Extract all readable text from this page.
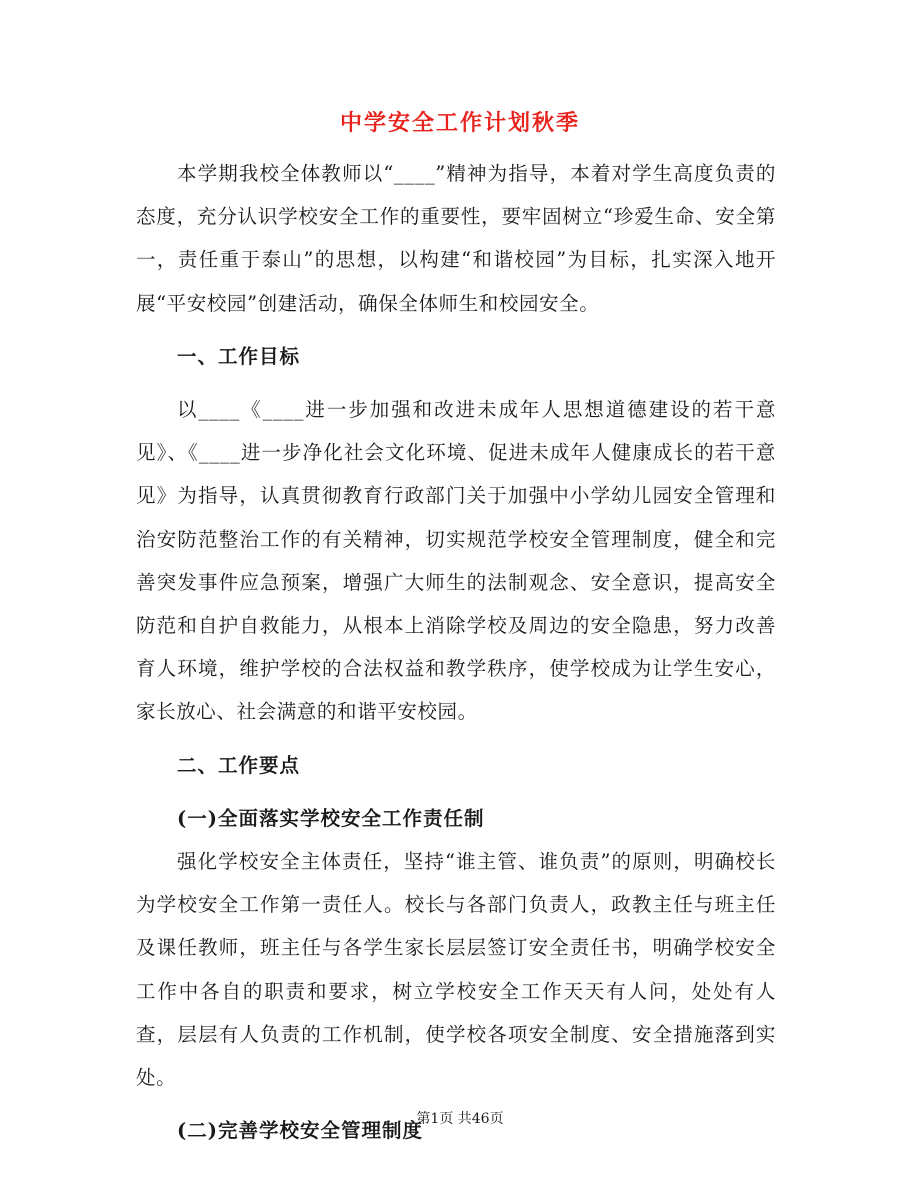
中学安全工作计划秋季

本学期我校全体教师以“____”精神为指导，本着对学生高度负责的态度，充分认识学校安全工作的重要性，要牢固树立“珍爱生命、安全第一，责任重于泰山”的思想，以构建“和谐校园”为目标，扎实深入地开展“平安校园”创建活动，确保全体师生和校园安全。

一、工作目标

以____《____进一步加强和改进未成年人思想道德建设的若干意见》、《____进一步净化社会文化环境、促进未成年人健康成长的若干意见》为指导，认真贯彻教育行政部门关于加强中小学幼儿园安全管理和治安防范整治工作的有关精神，切实规范学校安全管理制度，健全和完善突发事件应急预案，增强广大师生的法制观念、安全意识，提高安全防范和自护自救能力，从根本上消除学校及周边的安全隐患，努力改善育人环境，维护学校的合法权益和教学秩序，使学校成为让学生安心，家长放心、社会满意的和谐平安校园。

二、工作要点

(一)全面落实学校安全工作责任制

强化学校安全主体责任，坚持“谁主管、谁负责”的原则，明确校长为学校安全工作第一责任人。校长与各部门负责人，政教主任与班主任及课任教师，班主任与各学生家长层层签订安全责任书，明确学校安全工作中各自的职责和要求，树立学校安全工作天天有人问，处处有人查，层层有人负责的工作机制，使学校各项安全制度、安全措施落到实处。

(二)完善学校安全管理制度

第1页 共46页
